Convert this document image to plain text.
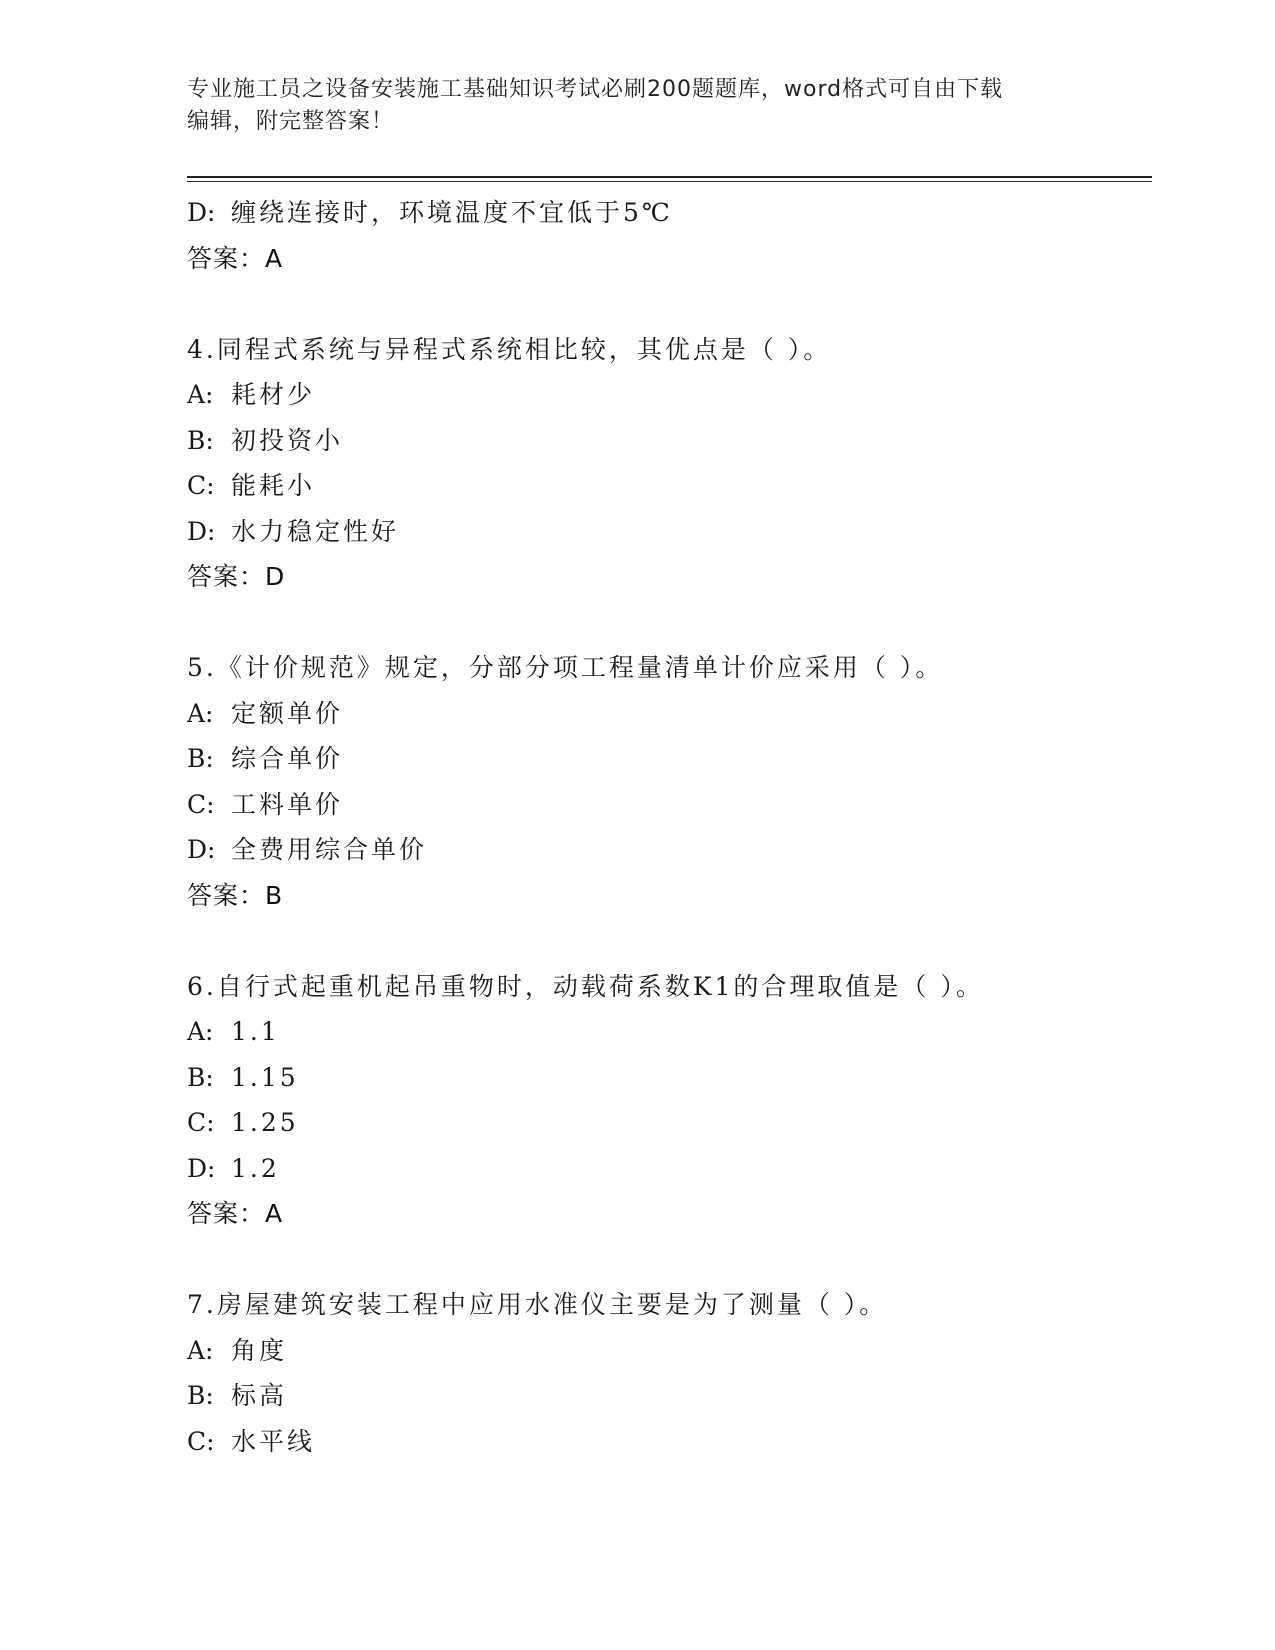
专业施工员之设备安装施工基础知识考试必刷200题题库，word格式可自由下载
编辑，附完整答案！
D: 缠绕连接时，环境温度不宜低于5℃
答案：A
4.同程式系统与异程式系统相比较，其优点是（ ）。
A: 耗材少
B: 初投资小
C: 能耗小
D: 水力稳定性好
答案：D
5.《计价规范》规定，分部分项工程量清单计价应采用（ ）。
A: 定额单价
B: 综合单价
C: 工料单价
D: 全费用综合单价
答案：B
6.自行式起重机起吊重物时，动载荷系数K1的合理取值是（ ）。
A: 1.1
B: 1.15
C: 1.25
D: 1.2
答案：A
7.房屋建筑安装工程中应用水准仪主要是为了测量（ ）。
A: 角度
B: 标高
C: 水平线
